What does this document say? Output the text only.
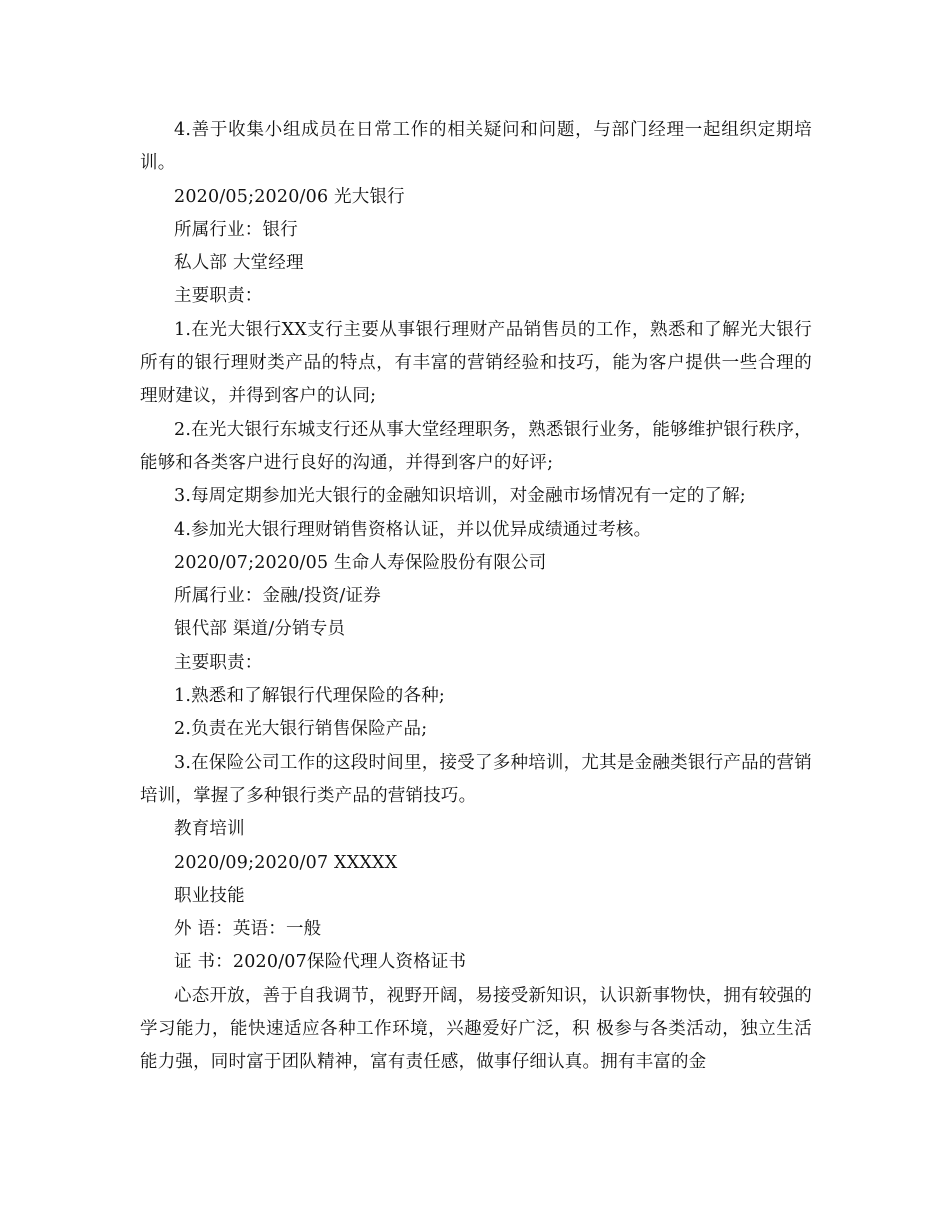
4.善于收集小组成员在日常工作的相关疑问和问题，与部门经理一起组织定期培训。

2020/05;2020/06 光大银行

所属行业：银行

私人部 大堂经理

主要职责：

1.在光大银行XX支行主要从事银行理财产品销售员的工作，熟悉和了解光大银行所有的银行理财类产品的特点，有丰富的营销经验和技巧，能为客户提供一些合理的理财建议，并得到客户的认同;

2.在光大银行东城支行还从事大堂经理职务，熟悉银行业务，能够维护银行秩序，能够和各类客户进行良好的沟通，并得到客户的好评;

3.每周定期参加光大银行的金融知识培训，对金融市场情况有一定的了解;

4.参加光大银行理财销售资格认证，并以优异成绩通过考核。

2020/07;2020/05 生命人寿保险股份有限公司

所属行业：金融/投资/证券

银代部 渠道/分销专员

主要职责：

1.熟悉和了解银行代理保险的各种;

2.负责在光大银行销售保险产品;

3.在保险公司工作的这段时间里，接受了多种培训，尤其是金融类银行产品的营销培训，掌握了多种银行类产品的营销技巧。

教育培训

2020/09;2020/07 XXXXX

职业技能

外 语：英语：一般

证 书：2020/07保险代理人资格证书

心态开放，善于自我调节，视野开阔，易接受新知识，认识新事物快，拥有较强的学习能力，能快速适应各种工作环境，兴趣爱好广泛，积 极参与各类活动，独立生活能力强，同时富于团队精神，富有责任感，做事仔细认真。拥有丰富的金
